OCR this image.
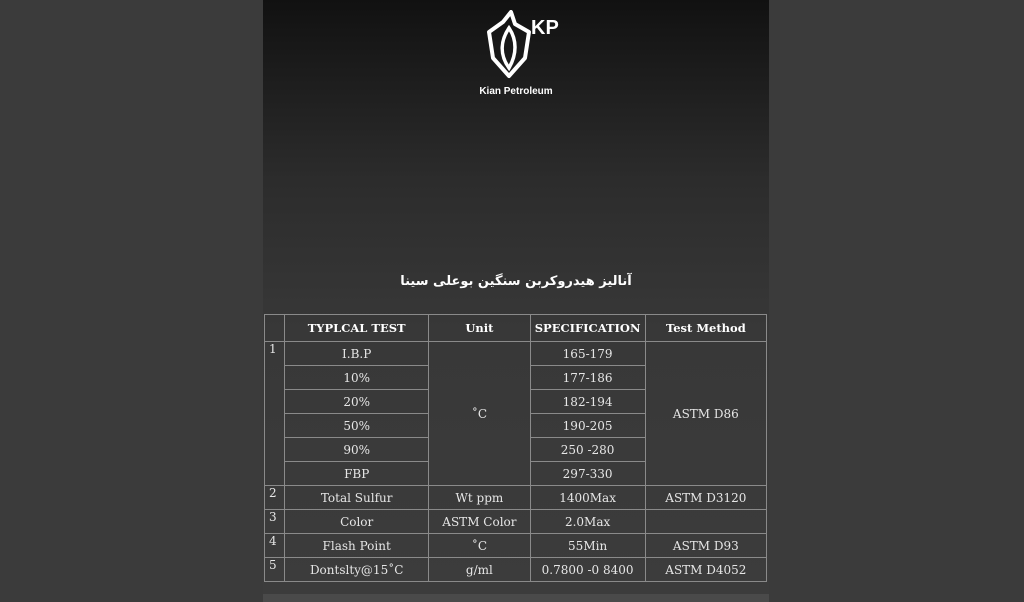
KP
Kian Petroleum
آنالیز هیدروکربن سنگین بوعلی سینا
	TYPLCAL TEST	Unit	SPECIFICATION	Test Method
1	I.B.P	˚C	165-179	ASTM D86
	10%		177-186	
	20%		182-194	
	50%		190-205	
	90%		250 -280	
	FBP		297-330	
2	Total Sulfur	Wt ppm	1400Max	ASTM D3120
3	Color	ASTM Color	2.0Max	
4	Flash Point	˚C	55Min	ASTM D93
5	Dontslty@15˚C	g/ml	0.7800 -0 8400	ASTM D4052
